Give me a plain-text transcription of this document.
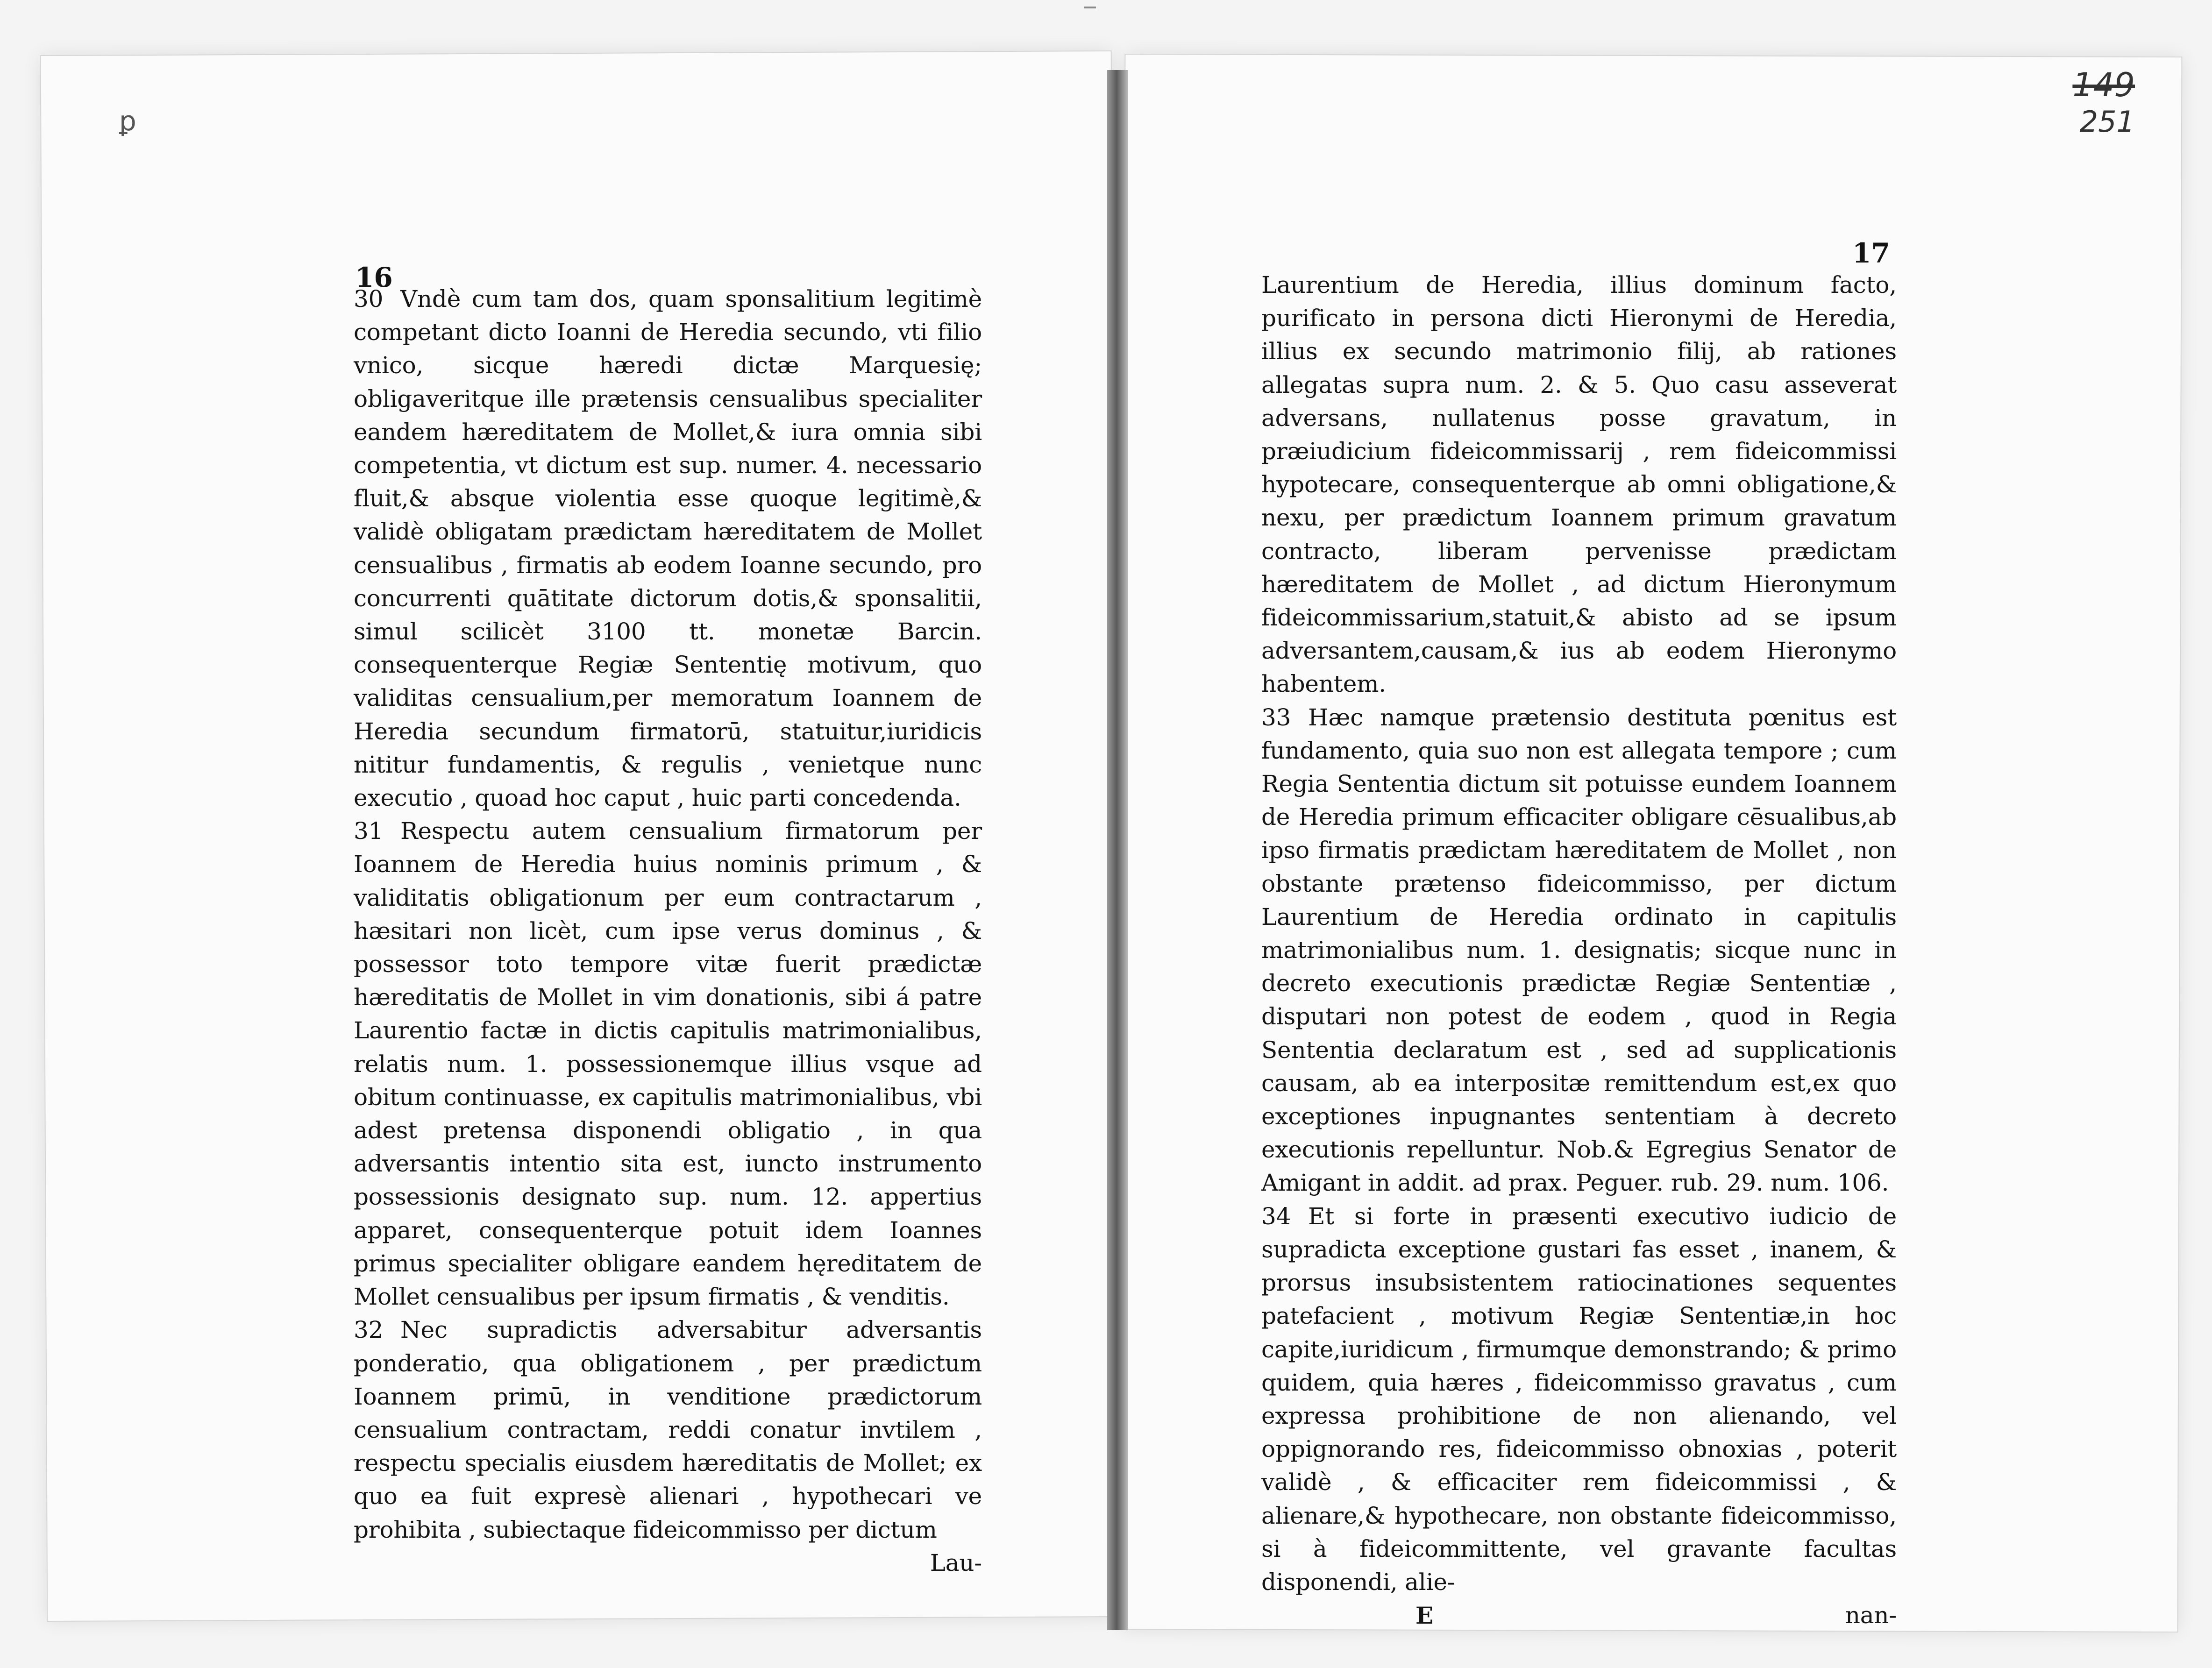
ꝑ
149
251
16
17

30 Vndè cum tam dos, quam sponsalitium legitimè competant dicto Ioanni de Heredia secundo, vti filio vnico, sicque hæredi dictæ Marquesię; obligaveritque ille prætensis censualibus specialiter eandem hæreditatem de Mollet,& iura omnia sibi competentia, vt dictum est sup. numer. 4. necessario fluit,& absque violentia esse quoque legitimè,& validè obligatam prædictam hæreditatem de Mollet censualibus , firmatis ab eodem Ioanne secundo, pro concurrenti quātitate dictorum dotis,& sponsalitii, simul scilicèt 3100 tt. monetæ Barcin. consequenterque Regiæ Sententię motivum, quo validitas censualium,per memoratum Ioannem de Heredia secundum firmatorū, statuitur,iuridicis nititur fundamentis, & regulis , venietque nunc executio , quoad hoc caput , huic parti concedenda.

31 Respectu autem censualium firmatorum per Ioannem de Heredia huius nominis primum , & validitatis obligationum per eum contractarum , hæsitari non licèt, cum ipse verus dominus , & possessor toto tempore vitæ fuerit prædictæ hæreditatis de Mollet in vim donationis, sibi á patre Laurentio factæ in dictis capitulis matrimonialibus, relatis num. 1. possessionemque illius vsque ad obitum continuasse, ex capitulis matrimonialibus, vbi adest pretensa disponendi obligatio , in qua adversantis intentio sita est, iuncto instrumento possessionis designato sup. num. 12. appertius apparet, consequenterque potuit idem Ioannes primus specialiter obligare eandem hęreditatem de Mollet censualibus per ipsum firmatis , & venditis.

32 Nec supradictis adversabitur adversantis ponderatio, qua obligationem , per prædictum Ioannem primū, in venditione prædictorum censualium contractam, reddi conatur invtilem , respectu specialis eiusdem hæreditatis de Mollet; ex quo ea fuit expresè alienari , hypothecari ve prohibita , subiectaque fideicommisso per dictum

Lau-

Laurentium de Heredia, illius dominum facto, purificato in persona dicti Hieronymi de Heredia, illius ex secundo matrimonio filij, ab rationes allegatas supra num. 2. & 5. Quo casu asseverat adversans, nullatenus posse gravatum, in præiudicium fideicommissarij , rem fideicommissi hypotecare, consequenterque ab omni obligatione,& nexu, per prædictum Ioannem primum gravatum contracto, liberam pervenisse prædictam hæreditatem de Mollet , ad dictum Hieronymum fideicommissarium,statuit,& abisto ad se ipsum adversantem,causam,& ius ab eodem Hieronymo habentem.

33 Hæc namque prætensio destituta pœnitus est fundamento, quia suo non est allegata tempore ; cum Regia Sententia dictum sit potuisse eundem Ioannem de Heredia primum efficaciter obligare cēsualibus,ab ipso firmatis prædictam hæreditatem de Mollet , non obstante prætenso fideicommisso, per dictum Laurentium de Heredia ordinato in capitulis matrimonialibus num. 1. designatis; sicque nunc in decreto executionis prædictæ Regiæ Sententiæ , disputari non potest de eodem , quod in Regia Sententia declaratum est , sed ad supplicationis causam, ab ea interpositæ remittendum est,ex quo exceptiones inpugnantes sententiam à decreto executionis repelluntur. Nob.& Egregius Senator de Amigant in addit. ad prax. Peguer. rub. 29. num. 106.

34 Et si forte in præsenti executivo iudicio de supradicta exceptione gustari fas esset , inanem, & prorsus insubsistentem ratiocinationes sequentes patefacient , motivum Regiæ Sententiæ,in hoc capite,iuridicum , firmumque demonstrando; & primo quidem, quia hæres , fideicommisso gravatus , cum expressa prohibitione de non alienando, vel oppignorando res, fideicommisso obnoxias , poterit validè , & efficaciter rem fideicommissi , & alienare,& hypothecare, non obstante fideicommisso, si à fideicommittente, vel gravante facultas disponendi, alie-

E	nan-
